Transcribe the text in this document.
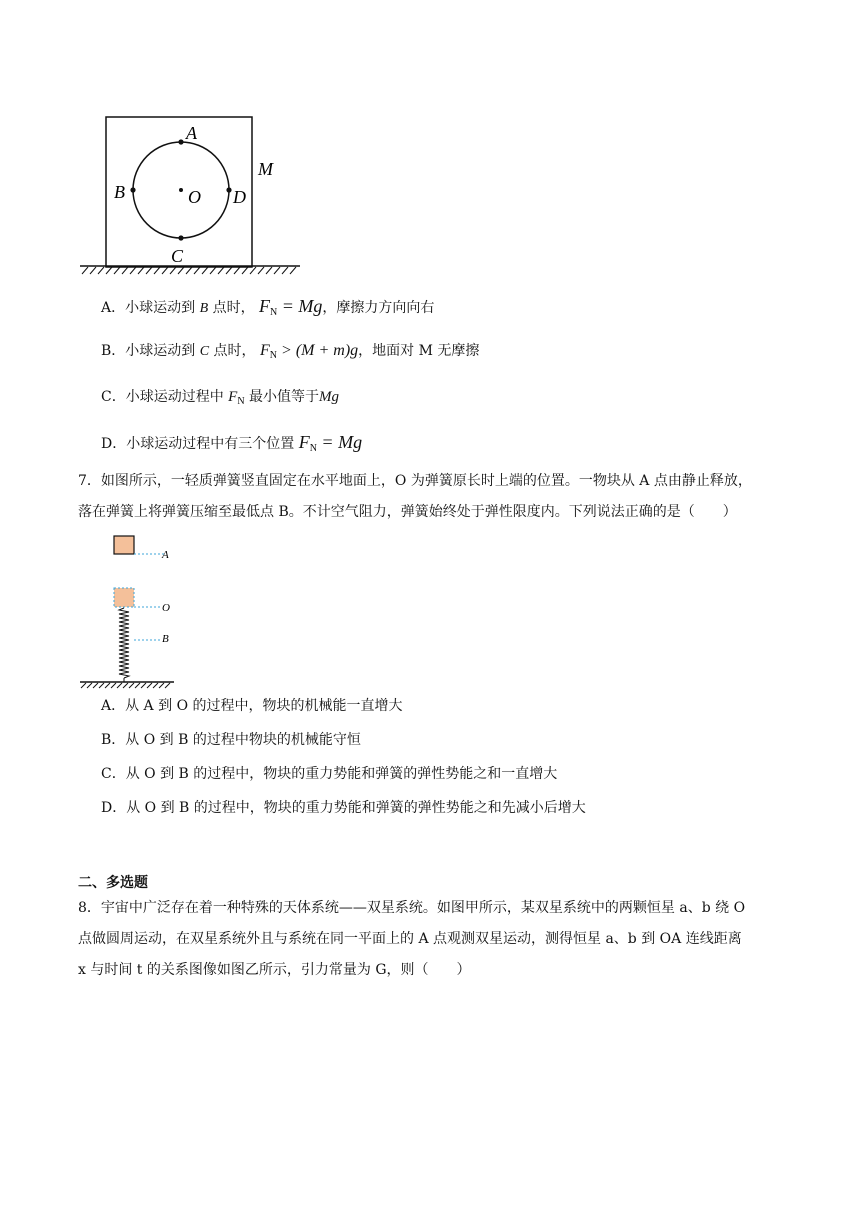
A
B	O D
C
M
A．小球运动到 B 点时， $F_N = Mg$，摩擦力方向向右
B．小球运动到 C 点时， $F_N > (M + m)g$，地面对 M 无摩擦
C．小球运动过程中 $F_N$ 最小值等于Mg
D．小球运动过程中有三个位置 $F_N = Mg$
7．如图所示，一轻质弹簧竖直固定在水平地面上，O 为弹簧原长时上端的位置。一物块从 A 点由静止释放，
落在弹簧上将弹簧压缩至最低点 B。不计空气阻力，弹簧始终处于弹性限度内。下列说法正确的是（　　）
A
O
B
A．从 A 到 O 的过程中，物块的机械能一直增大
B．从 O 到 B 的过程中物块的机械能守恒
C．从 O 到 B 的过程中，物块的重力势能和弹簧的弹性势能之和一直增大
D．从 O 到 B 的过程中，物块的重力势能和弹簧的弹性势能之和先减小后增大
二、多选题
8．宇宙中广泛存在着一种特殊的天体系统——双星系统。如图甲所示，某双星系统中的两颗恒星 a、b 绕 O
点做圆周运动，在双星系统外且与系统在同一平面上的 A 点观测双星运动，测得恒星 a、b 到 OA 连线距离
x 与时间 t 的关系图像如图乙所示，引力常量为 G，则（　　）
